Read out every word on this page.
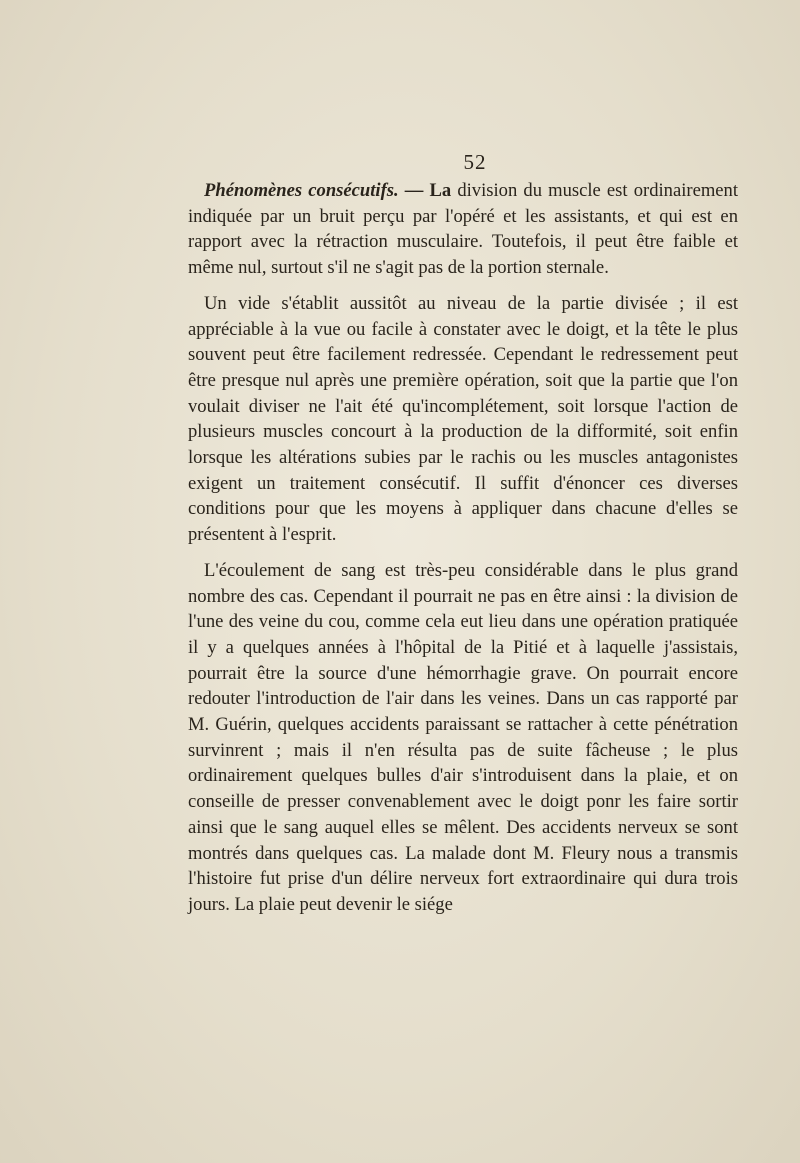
52

Phénomènes consécutifs. — La division du muscle est ordinairement indiquée par un bruit perçu par l'opéré et les assistants, et qui est en rapport avec la rétraction musculaire. Toutefois, il peut être faible et même nul, surtout s'il ne s'agit pas de la portion sternale.

Un vide s'établit aussitôt au niveau de la partie divisée ; il est appréciable à la vue ou facile à constater avec le doigt, et la tête le plus souvent peut être facilement redressée. Cependant le redressement peut être presque nul après une première opération, soit que la partie que l'on voulait diviser ne l'ait été qu'incomplétement, soit lorsque l'action de plusieurs muscles concourt à la production de la difformité, soit enfin lorsque les altérations subies par le rachis ou les muscles antagonistes exigent un traitement consécutif. Il suffit d'énoncer ces diverses conditions pour que les moyens à appliquer dans chacune d'elles se présentent à l'esprit.

L'écoulement de sang est très-peu considérable dans le plus grand nombre des cas. Cependant il pourrait ne pas en être ainsi : la division de l'une des veine du cou, comme cela eut lieu dans une opération pratiquée il y a quelques années à l'hôpital de la Pitié et à laquelle j'assistais, pourrait être la source d'une hémorrhagie grave. On pourrait encore redouter l'introduction de l'air dans les veines. Dans un cas rapporté par M. Guérin, quelques accidents paraissant se rattacher à cette pénétration survinrent ; mais il n'en résulta pas de suite fâcheuse ; le plus ordinairement quelques bulles d'air s'introduisent dans la plaie, et on conseille de presser convenablement avec le doigt ponr les faire sortir ainsi que le sang auquel elles se mêlent. Des accidents nerveux se sont montrés dans quelques cas. La malade dont M. Fleury nous a transmis l'histoire fut prise d'un délire nerveux fort extraordinaire qui dura trois jours. La plaie peut devenir le siége
